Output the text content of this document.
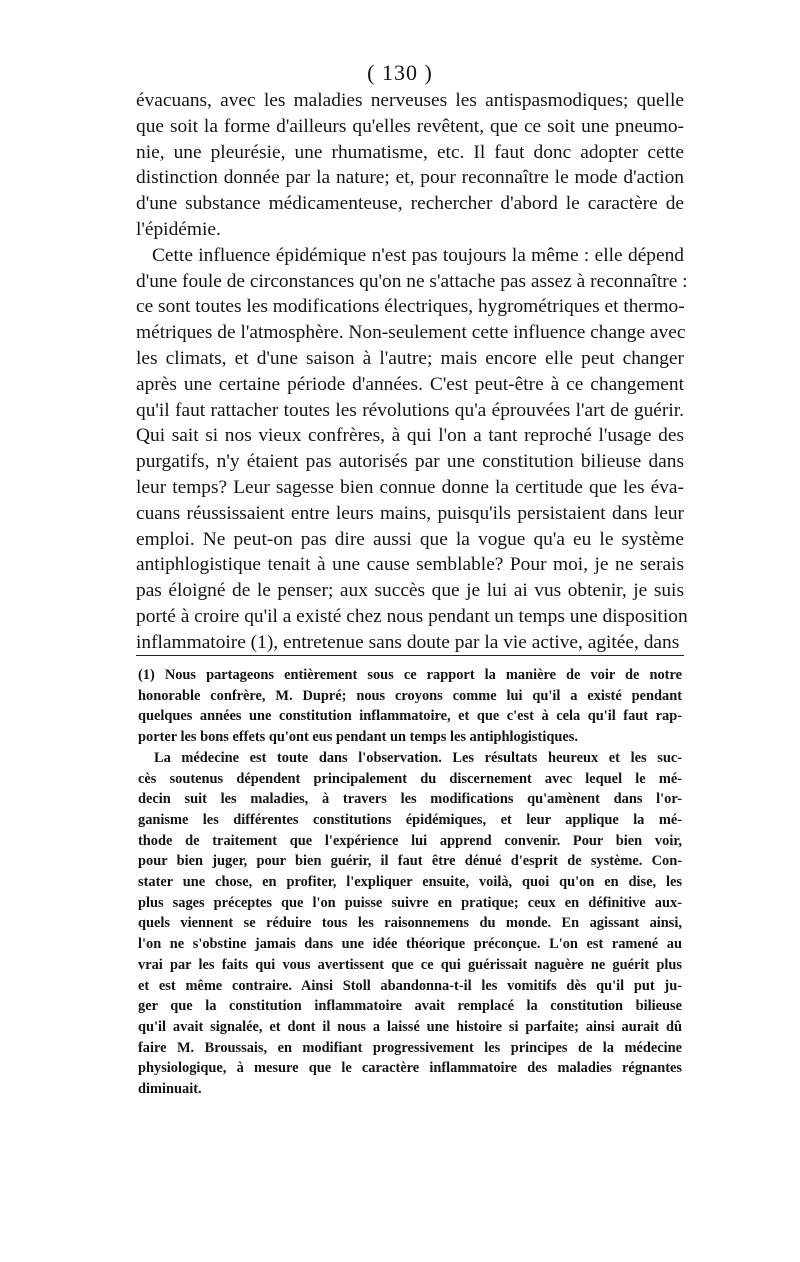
( 130 )
évacuans, avec les maladies nerveuses les antispasmodiques; quelle
que soit la forme d'ailleurs qu'elles revêtent, que ce soit une pneumo-
nie, une pleurésie, une rhumatisme, etc. Il faut donc adopter cette
distinction donnée par la nature; et, pour reconnaître le mode d'action
d'une substance médicamenteuse, rechercher d'abord le caractère de
l'épidémie.
Cette influence épidémique n'est pas toujours la même : elle dépend
d'une foule de circonstances qu'on ne s'attache pas assez à reconnaître :
ce sont toutes les modifications électriques, hygrométriques et thermo-
métriques de l'atmosphère. Non-seulement cette influence change avec
les climats, et d'une saison à l'autre; mais encore elle peut changer
après une certaine période d'années. C'est peut-être à ce changement
qu'il faut rattacher toutes les révolutions qu'a éprouvées l'art de guérir.
Qui sait si nos vieux confrères, à qui l'on a tant reproché l'usage des
purgatifs, n'y étaient pas autorisés par une constitution bilieuse dans
leur temps? Leur sagesse bien connue donne la certitude que les éva-
cuans réussissaient entre leurs mains, puisqu'ils persistaient dans leur
emploi. Ne peut-on pas dire aussi que la vogue qu'a eu le système
antiphlogistique tenait à une cause semblable? Pour moi, je ne serais
pas éloigné de le penser; aux succès que je lui ai vus obtenir, je suis
porté à croire qu'il a existé chez nous pendant un temps une disposition
inflammatoire (1), entretenue sans doute par la vie active, agitée, dans
(1) Nous partageons entièrement sous ce rapport la manière de voir de notre
honorable confrère, M. Dupré; nous croyons comme lui qu'il a existé pendant
quelques années une constitution inflammatoire, et que c'est à cela qu'il faut rap-
porter les bons effets qu'ont eus pendant un temps les antiphlogistiques.
La médecine est toute dans l'observation. Les résultats heureux et les suc-
cès soutenus dépendent principalement du discernement avec lequel le mé-
decin suit les maladies, à travers les modifications qu'amènent dans l'or-
ganisme les différentes constitutions épidémiques, et leur applique la mé-
thode de traitement que l'expérience lui apprend convenir. Pour bien voir,
pour bien juger, pour bien guérir, il faut être dénué d'esprit de système. Con-
stater une chose, en profiter, l'expliquer ensuite, voilà, quoi qu'on en dise, les
plus sages préceptes que l'on puisse suivre en pratique; ceux en définitive aux-
quels viennent se réduire tous les raisonnemens du monde. En agissant ainsi,
l'on ne s'obstine jamais dans une idée théorique préconçue. L'on est ramené au
vrai par les faits qui vous avertissent que ce qui guérissait naguère ne guérit plus
et est même contraire. Ainsi Stoll abandonna-t-il les vomitifs dès qu'il put ju-
ger que la constitution inflammatoire avait remplacé la constitution bilieuse
qu'il avait signalée, et dont il nous a laissé une histoire si parfaite; ainsi aurait dû
faire M. Broussais, en modifiant progressivement les principes de la médecine
physiologique, à mesure que le caractère inflammatoire des maladies régnantes
diminuait.
